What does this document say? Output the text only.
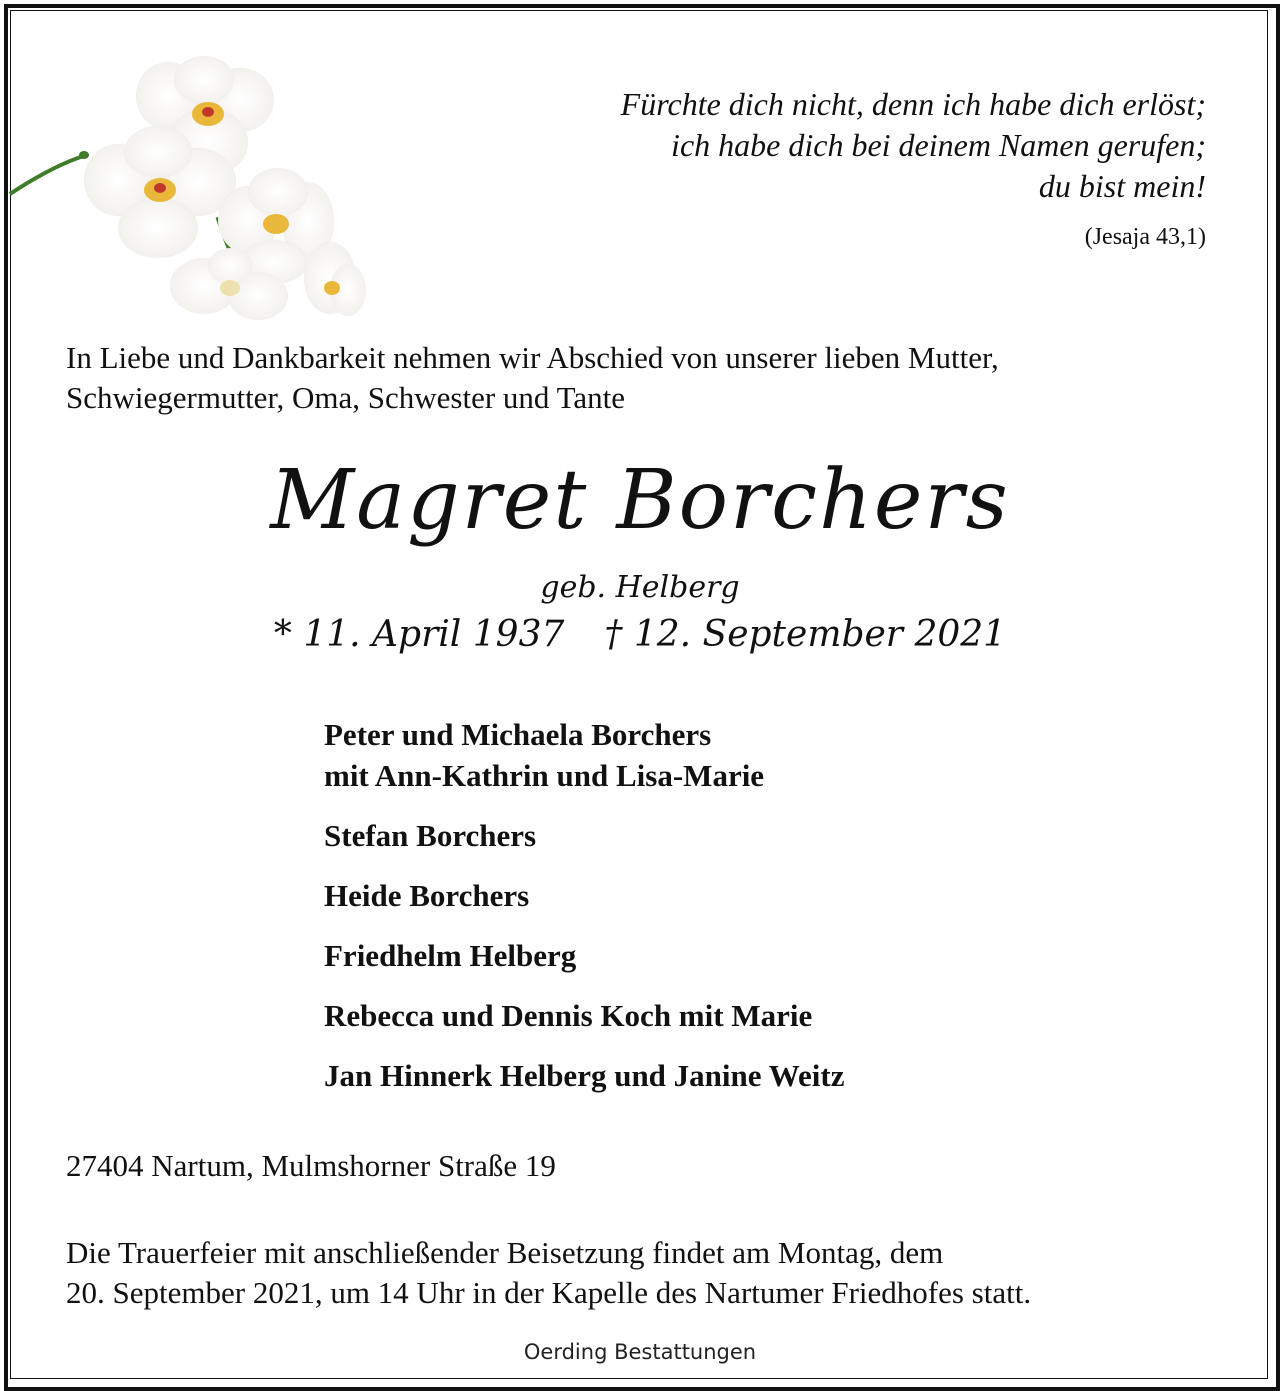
Fürchte dich nicht, denn ich habe dich erlöst;
ich habe dich bei deinem Namen gerufen;
du bist mein!
(Jesaja 43,1)
In Liebe und Dankbarkeit nehmen wir Abschied von unserer lieben Mutter,
Schwiegermutter, Oma, Schwester und Tante
Magret Borchers
geb. Helberg
* 11. April 1937 † 12. September 2021
Peter und Michaela Borchers
mit Ann-Kathrin und Lisa-Marie
Stefan Borchers
Heide Borchers
Friedhelm Helberg
Rebecca und Dennis Koch mit Marie
Jan Hinnerk Helberg und Janine Weitz
27404 Nartum, Mulmshorner Straße 19
Die Trauerfeier mit anschließender Beisetzung findet am Montag, dem
20. September 2021, um 14 Uhr in der Kapelle des Nartumer Friedhofes statt.
Oerding Bestattungen
